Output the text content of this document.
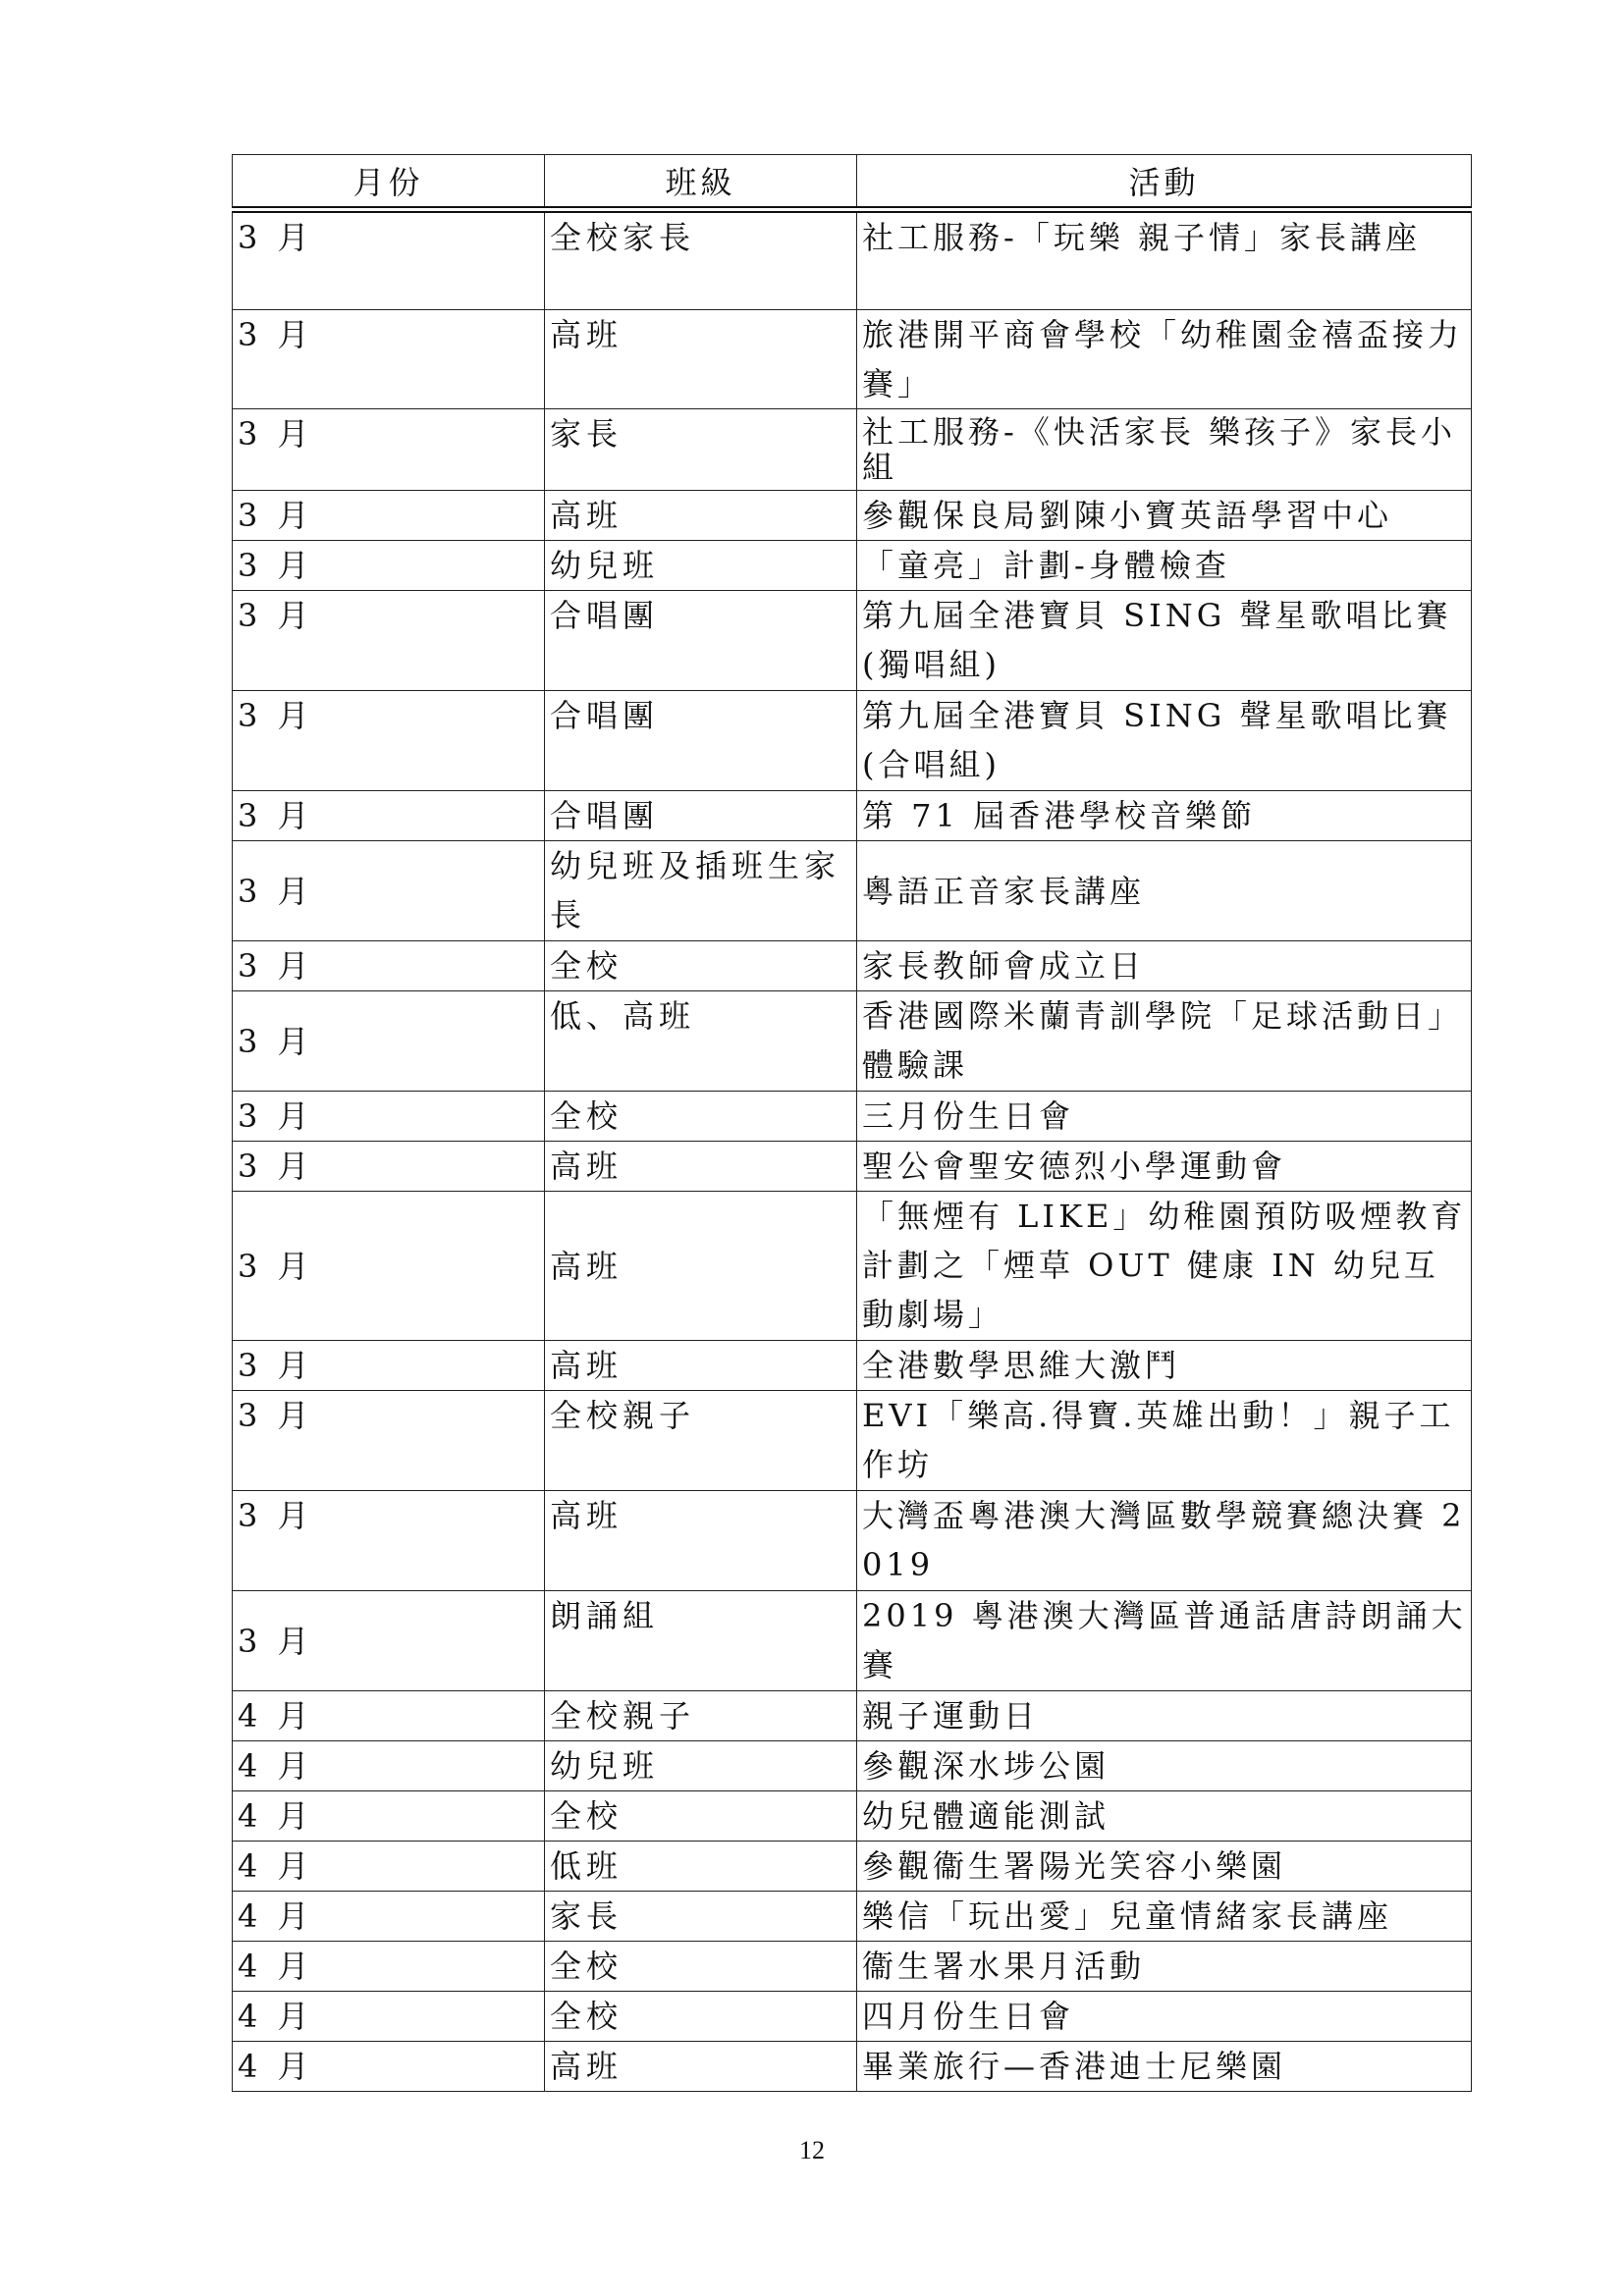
月份	班級	活動
3 月	全校家長	社工服務-「玩樂 親子情」家長講座
3 月	高班	旅港開平商會學校「幼稚園金禧盃接力賽」
3 月	家長	社工服務-《快活家長 樂孩子》家長小組
3 月	高班	參觀保良局劉陳小寶英語學習中心
3 月	幼兒班	「童亮」計劃-身體檢查
3 月	合唱團	第九屆全港寶貝 SING 聲星歌唱比賽(獨唱組)
3 月	合唱團	第九屆全港寶貝 SING 聲星歌唱比賽(合唱組)
3 月	合唱團	第 71 屆香港學校音樂節
3 月	幼兒班及插班生家長	粵語正音家長講座
3 月	全校	家長教師會成立日
3 月	低、高班	香港國際米蘭青訓學院「足球活動日」體驗課
3 月	全校	三月份生日會
3 月	高班	聖公會聖安德烈小學運動會
3 月	高班	「無煙有 LIKE」幼稚園預防吸煙教育計劃之「煙草 OUT 健康 IN 幼兒互動劇場」
3 月	高班	全港數學思維大激鬥
3 月	全校親子	EVI「樂高.得寶.英雄出動！」親子工作坊
3 月	高班	大灣盃粵港澳大灣區數學競賽總決賽 2019
3 月	朗誦組	2019 粵港澳大灣區普通話唐詩朗誦大賽
4 月	全校親子	親子運動日
4 月	幼兒班	參觀深水埗公園
4 月	全校	幼兒體適能測試
4 月	低班	參觀衞生署陽光笑容小樂園
4 月	家長	樂信「玩出愛」兒童情緒家長講座
4 月	全校	衞生署水果月活動
4 月	全校	四月份生日會
4 月	高班	畢業旅行—香港迪士尼樂園
12
